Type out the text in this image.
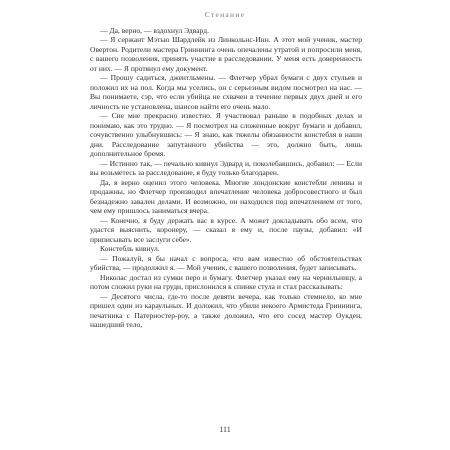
Стенание

— Да, верно, — вздохнул Эдвард.

— Я сержант Мэтью Шардлейк из Линкольнс-Инн. А этот мой ученик, мастер Овертон. Родители мастера Гриннинга очень опечалены утратой и попросили меня, с вашего позволения, принять участие в расследовании. У меня есть доверенность от них. — Я протянул ему документ.

— Прошу садиться, джентльмены. — Флетчер убрал бумаги с двух стульев и положил их на пол. Когда мы уселись, он с серьезным видом посмотрел на нас. — Вы понимаете, сэр, что если убийца не схвачен в течение первых двух дней и его личность не установлена, шансов найти его очень мало.

— Сие мне прекрасно известно. Я участвовал раньше в подобных делах и понимаю, как это трудно. — Я посмотрел на сложенные вокруг бумаги и добавил, сочувственно улыбнувшись: — Я знаю, как тяжелы обязанности констебля в наши дни. Расследование запутанного убийства — это, должно быть, лишь дополнительное бремя.

— Истинно так, — печально кивнул Эдвард и, поколебавшись, добавил: — Если вы возьметесь за расследование, я буду только благодарен.

Да, я верно оценил этого человека. Многие лондонские констебли ленивы и продажны, но Флетчер производил впечатление человека добросовестного и был безнадежно завален делами. И возможно, он находился под впечатлением от того, чем ему пришлось заниматься вчера.

— Конечно, я буду держать вас в курсе. А может докладывать обо всем, что удастся выяснить, коронеру, — сказал я ему и, после паузы, добавил: «И приписывать все заслуги себе».

Констебль кивнул.

— Пожалуй, я бы начал с вопроса, что вам известно об обстоятельствах убийства, — продолжил я. — Мой ученик, с вашего позволения, будет записывать.

Николас достал из сумки перо и бумагу. Флетчер указал ему на чернильницу, а потом сложил руки на груди, прислонился к спинке стула и стал рассказывать:

— Десятого числа, где-то после девяти вечера, как только стемнело, ко мне пришел один из караульных. И доложил, что убили некоего Армистеда Гриннинга, печатника с Патерностер-роу, а также доложил, что его сосед мастер Оукден, нашедший тело,

111
